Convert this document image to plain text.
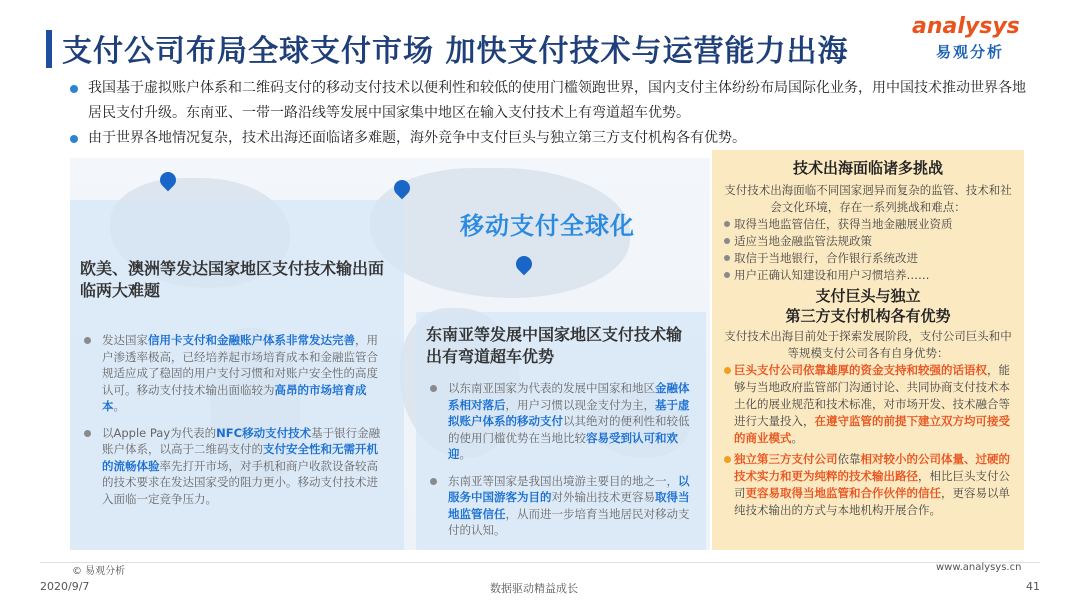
支付公司布局全球支付市场 加快支付技术与运营能力出海
analysys
易观分析
我国基于虚拟账户体系和二维码支付的移动支付技术以便利性和较低的使用门槛领跑世界，国内支付主体纷纷布局国际化业务，用中国技术推动世界各地居民支付升级。东南亚、一带一路沿线等发展中国家集中地区在输入支付技术上有弯道超车优势。
由于世界各地情况复杂，技术出海还面临诸多难题，海外竞争中支付巨头与独立第三方支付机构各有优势。
移动支付全球化
欧美、澳洲等发达国家地区支付技术输出面临两大难题
发达国家信用卡支付和金融账户体系非常发达完善，用户渗透率极高，已经培养起市场培育成本和金融监管合规适应成了稳固的用户支付习惯和对账户安全性的高度认可。移动支付技术输出面临较为高昂的市场培育成本。
以Apple Pay为代表的NFC移动支付技术基于银行金融账户体系，以高于二维码支付的支付安全性和无需开机的流畅体验率先打开市场，对手机和商户收款设备较高的技术要求在发达国家受的阻力更小。移动支付技术进入面临一定竞争压力。
东南亚等发展中国家地区支付技术输出有弯道超车优势
以东南亚国家为代表的发展中国家和地区金融体系相对落后，用户习惯以现金支付为主，基于虚拟账户体系的移动支付以其绝对的便利性和较低的使用门槛优势在当地比较容易受到认可和欢迎。
东南亚等国家是我国出境游主要目的地之一，以服务中国游客为目的对外输出技术更容易取得当地监管信任，从而进一步培育当地居民对移动支付的认知。
技术出海面临诸多挑战
支付技术出海面临不同国家迥异而复杂的监管、技术和社会文化环境，存在一系列挑战和难点：
取得当地监管信任，获得当地金融展业资质
适应当地金融监管法规政策
取信于当地银行，合作银行系统改进
用户正确认知建设和用户习惯培养……
支付巨头与独立
第三方支付机构各有优势
支付技术出海目前处于探索发展阶段，支付公司巨头和中等规模支付公司各有自身优势：
巨头支付公司依靠雄厚的资金支持和较强的话语权，能够与当地政府监管部门沟通讨论、共同协商支付技术本土化的展业规范和技术标准，对市场开发、技术融合等进行大量投入，在遵守监管的前提下建立双方均可接受的商业模式。
独立第三方支付公司依靠相对较小的公司体量、过硬的技术实力和更为纯粹的技术输出路径，相比巨头支付公司更容易取得当地监管和合作伙伴的信任，更容易以单纯技术输出的方式与本地机构开展合作。
© 易观分析	www.analysys.cn
2020/9/7	数据驱动精益成长	41
